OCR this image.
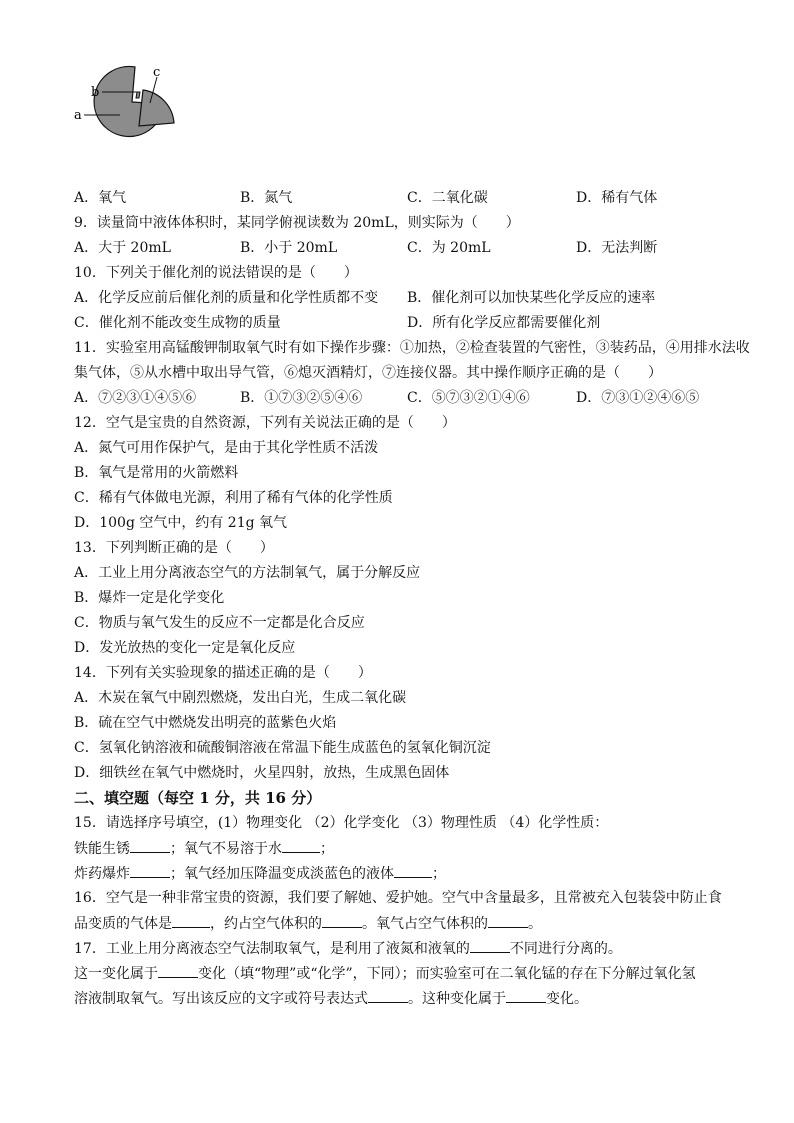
a
b
c
A．氧气	B．氮气	C．二氧化碳	D．稀有气体
9．读量筒中液体体积时，某同学俯视读数为 20mL，则实际为（　　）
A．大于 20mL	B．小于 20mL	C．为 20mL	D．无法判断
10．下列关于催化剂的说法错误的是（　　）
A．化学反应前后催化剂的质量和化学性质都不变 B．催化剂可以加快某些化学反应的速率
C．催化剂不能改变生成物的质量	D．所有化学反应都需要催化剂
11．实验室用高锰酸钾制取氧气时有如下操作步骤：①加热，②检查装置的气密性，③装药品，④用排水法收
集气体，⑤从水槽中取出导气管，⑥熄灭酒精灯，⑦连接仪器。其中操作顺序正确的是（　　）
A．⑦②③①④⑤⑥	B．①⑦③②⑤④⑥	C．⑤⑦③②①④⑥	D．⑦③①②④⑥⑤
12．空气是宝贵的自然资源，下列有关说法正确的是（　　）
A．氮气可用作保护气，是由于其化学性质不活泼
B．氧气是常用的火箭燃料
C．稀有气体做电光源，利用了稀有气体的化学性质
D．100g 空气中，约有 21g 氧气
13．下列判断正确的是（　　）
A．工业上用分离液态空气的方法制氧气，属于分解反应
B．爆炸一定是化学变化
C．物质与氧气发生的反应不一定都是化合反应
D．发光放热的变化一定是氧化反应
14．下列有关实验现象的描述正确的是（　　）
A．木炭在氧气中剧烈燃烧，发出白光，生成二氧化碳
B．硫在空气中燃烧发出明亮的蓝紫色火焰
C．氢氧化钠溶液和硫酸铜溶液在常温下能生成蓝色的氢氧化铜沉淀
D．细铁丝在氧气中燃烧时，火星四射，放热，生成黑色固体
二、填空题（每空 1 分，共 16 分）
15．请选择序号填空，(1）物理变化 （2）化学变化 （3）物理性质 （4）化学性质：
铁能生锈	；氧气不易溶于水	；
炸药爆炸	；氧气经加压降温变成淡蓝色的液体	；
16．空气是一种非常宝贵的资源，我们要了解她、爱护她。空气中含量最多，且常被充入包装袋中防止食
品变质的气体是	，约占空气体积的	。氧气占空气体积的	。
17．工业上用分离液态空气法制取氧气，是利用了液氮和液氧的	不同进行分离的。
这一变化属于	变化（填“物理”或“化学”，下同）；而实验室可在二氧化锰的存在下分解过氧化氢
溶液制取氧气。写出该反应的文字或符号表达式	。这种变化属于	变化。
